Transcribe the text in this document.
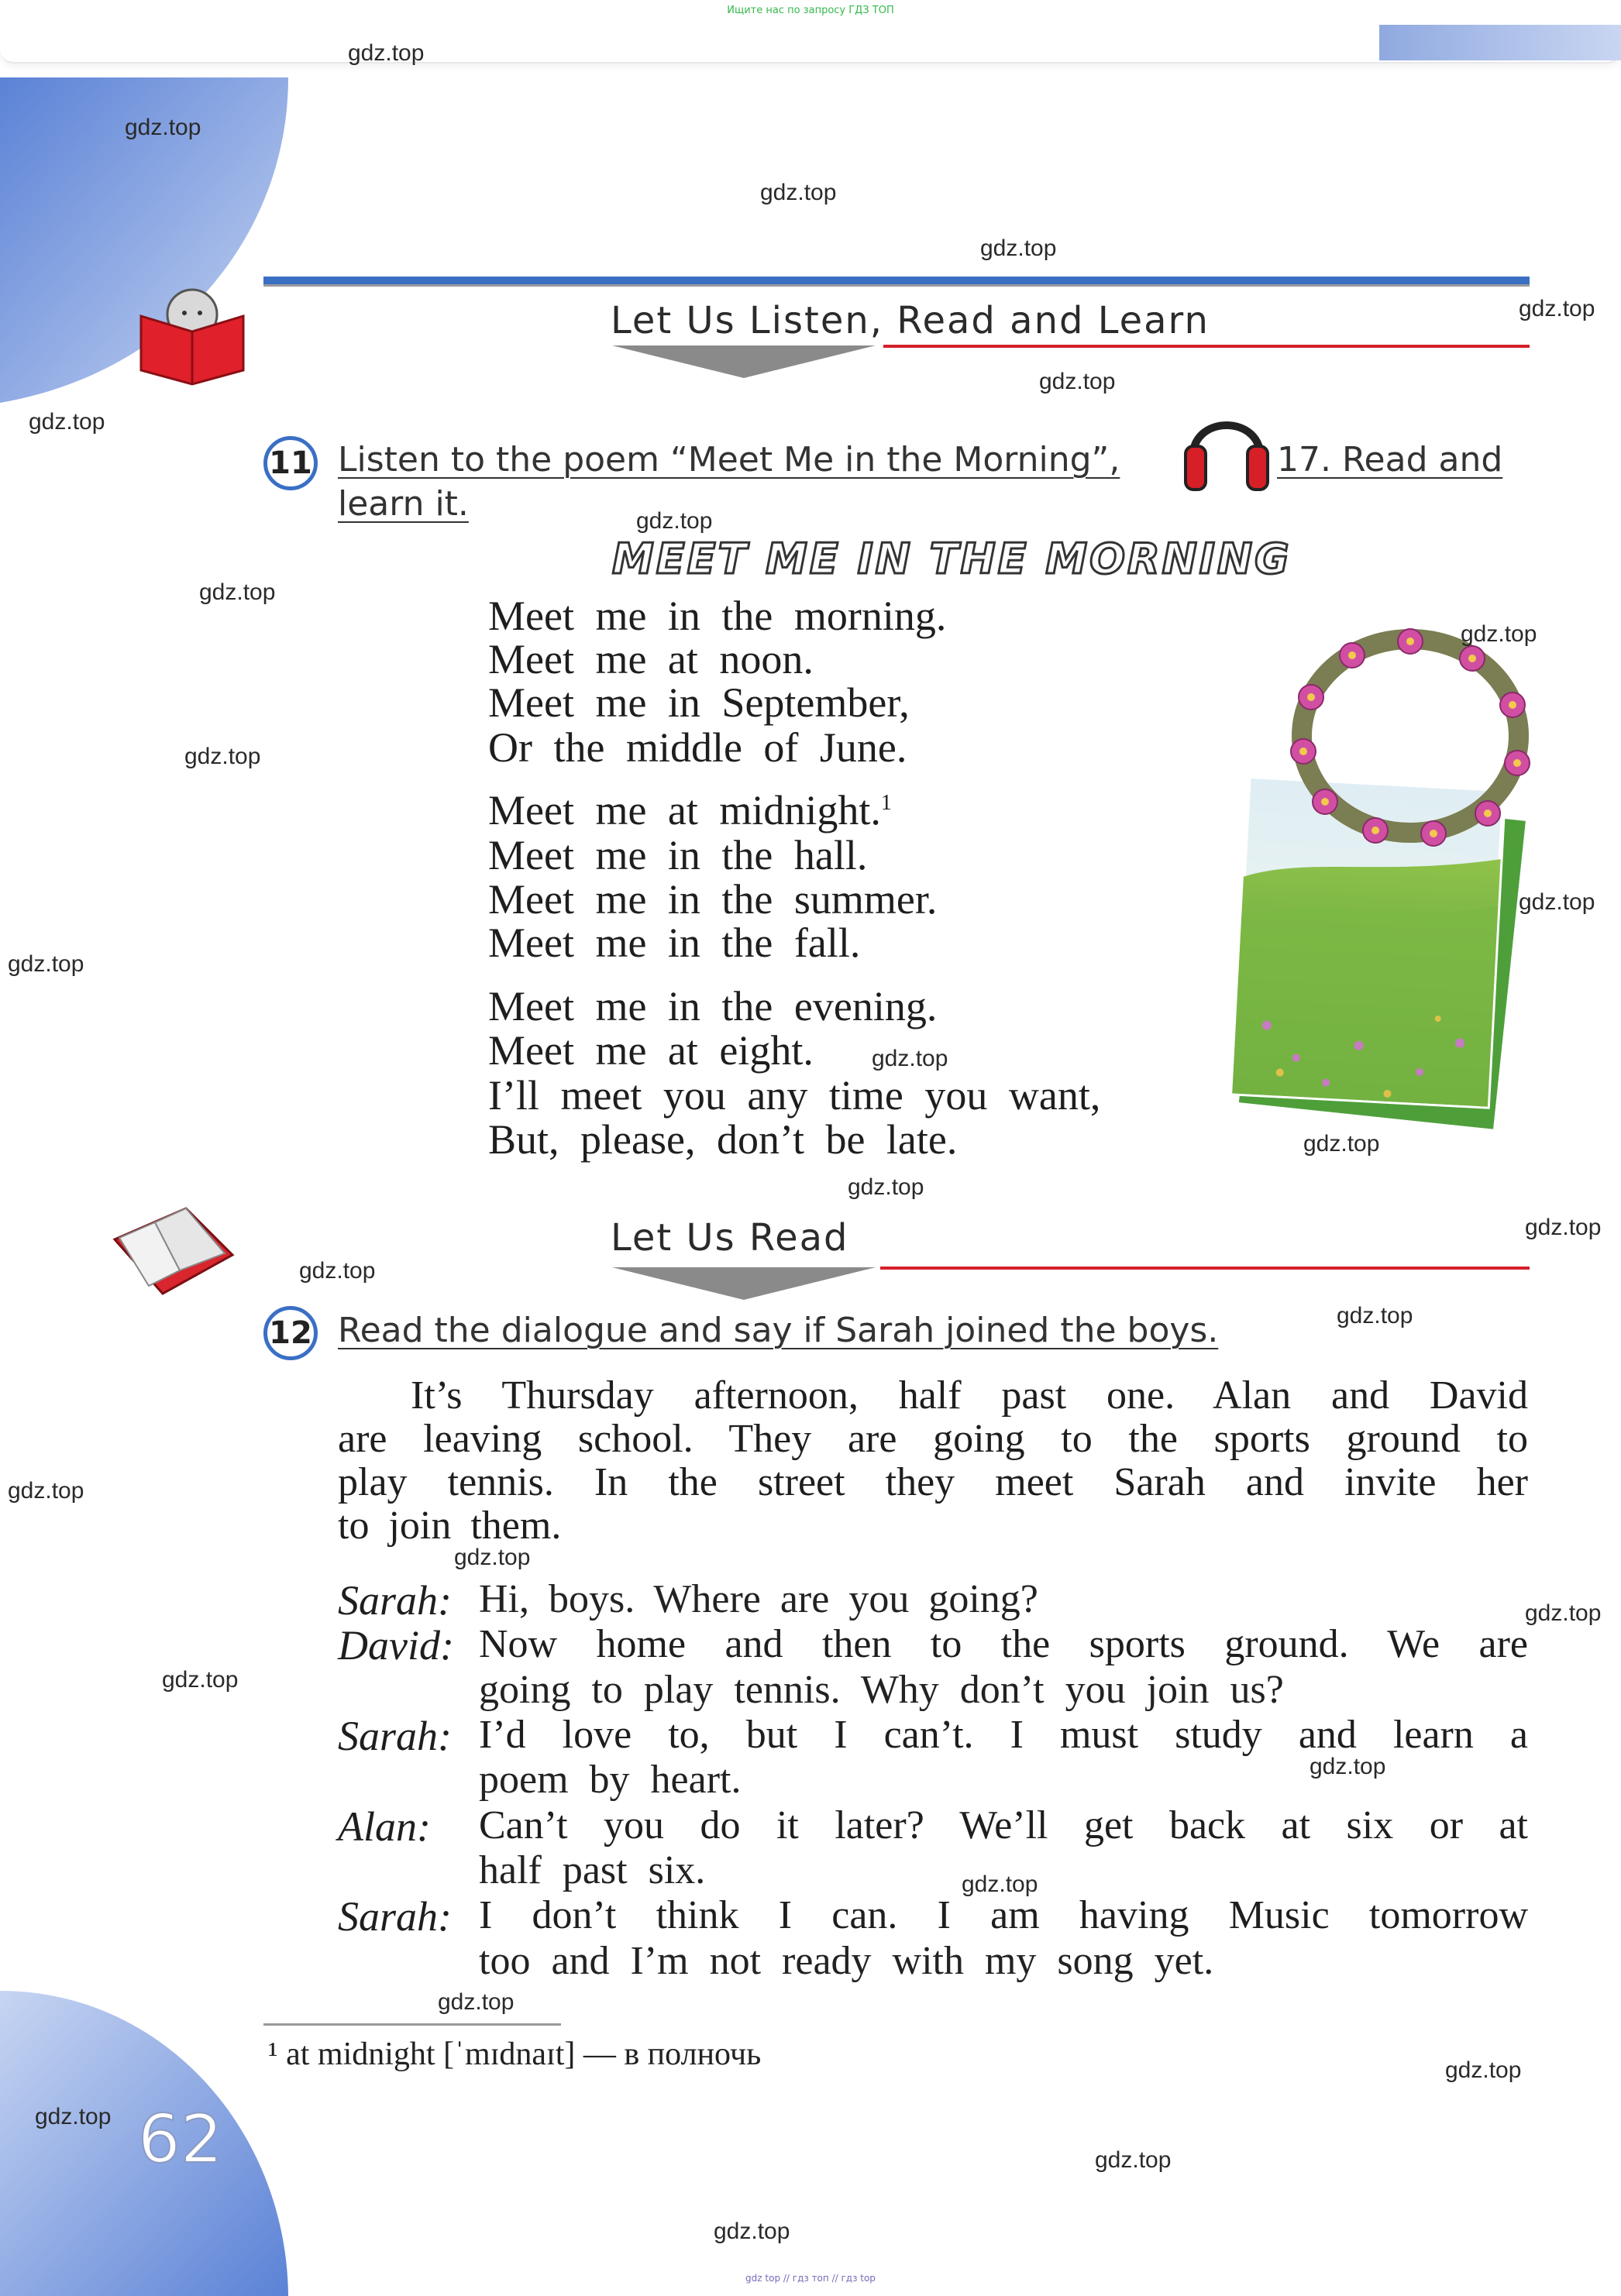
Ищите нас по запросу ГДЗ ТОП
Let Us Listen, Read and Learn
11 Listen to the poem “Meet Me in the Morning”,	17. Read and
learn it.
MEET ME IN THE MORNING
Meet me in the morning.
Meet me at noon.
Meet me in September,
Or the middle of June.
Meet me at midnight.$^1$
Meet me in the hall.
Meet me in the summer.
Meet me in the fall.
Meet me in the evening.
Meet me at eight.
I’ll meet you any time you want,
But, please, don’t be late.
Let Us Read
12 Read the dialogue and say if Sarah joined the boys.
It’s Thursday afternoon, half past one. Alan and David
are leaving school. They are going to the sports ground to
play tennis. In the street they meet Sarah and invite her
to join them.
Sarah: Hi, boys. Where are you going?
David: Now home and then to the sports ground. We are
going to play tennis. Why don’t you join us?
Sarah: I’d love to, but I can’t. I must study and learn a
poem by heart.
Alan: Can’t you do it later? We’ll get back at six or at
half past six.
Sarah: I don’t think I can. I am having Music tomorrow
too and I’m not ready with my song yet.
¹ at midnight [ˈmɪdnaɪt] — в полночь
62
gdz.top
gdz.top
gdz.top
gdz.top
gdz.top
gdz.top
gdz.top
gdz.top
gdz.top
gdz.top
gdz.top
gdz.top
gdz.top
gdz.top
gdz.top
gdz.top
gdz.top
gdz.top
gdz.top
gdz.top
gdz.top
gdz.top
gdz.top
gdz.top
gdz.top
gdz.top
gdz.top
gdz.top
gdz.top
gdz.top
gdz top // гдз топ // гдз top
